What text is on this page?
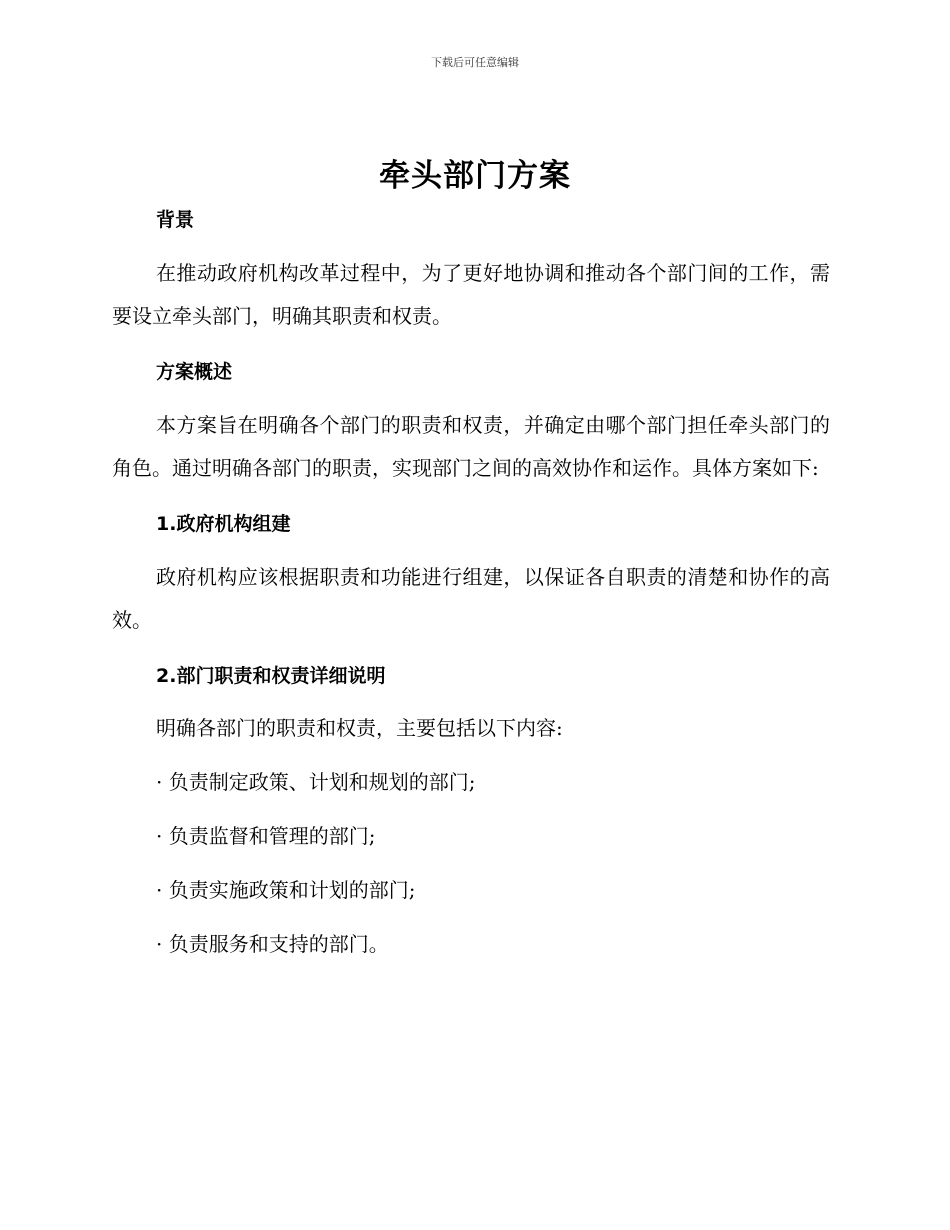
下载后可任意编辑
牵头部门方案

背景

在推动政府机构改革过程中，为了更好地协调和推动各个部门间的工作，需要设立牵头部门，明确其职责和权责。

方案概述

本方案旨在明确各个部门的职责和权责，并确定由哪个部门担任牵头部门的角色。通过明确各部门的职责，实现部门之间的高效协作和运作。具体方案如下:

1.政府机构组建

政府机构应该根据职责和功能进行组建，以保证各自职责的清楚和协作的高效。

2.部门职责和权责详细说明

明确各部门的职责和权责，主要包括以下内容:

· 负责制定政策、计划和规划的部门;

· 负责监督和管理的部门;

· 负责实施政策和计划的部门;

· 负责服务和支持的部门。
